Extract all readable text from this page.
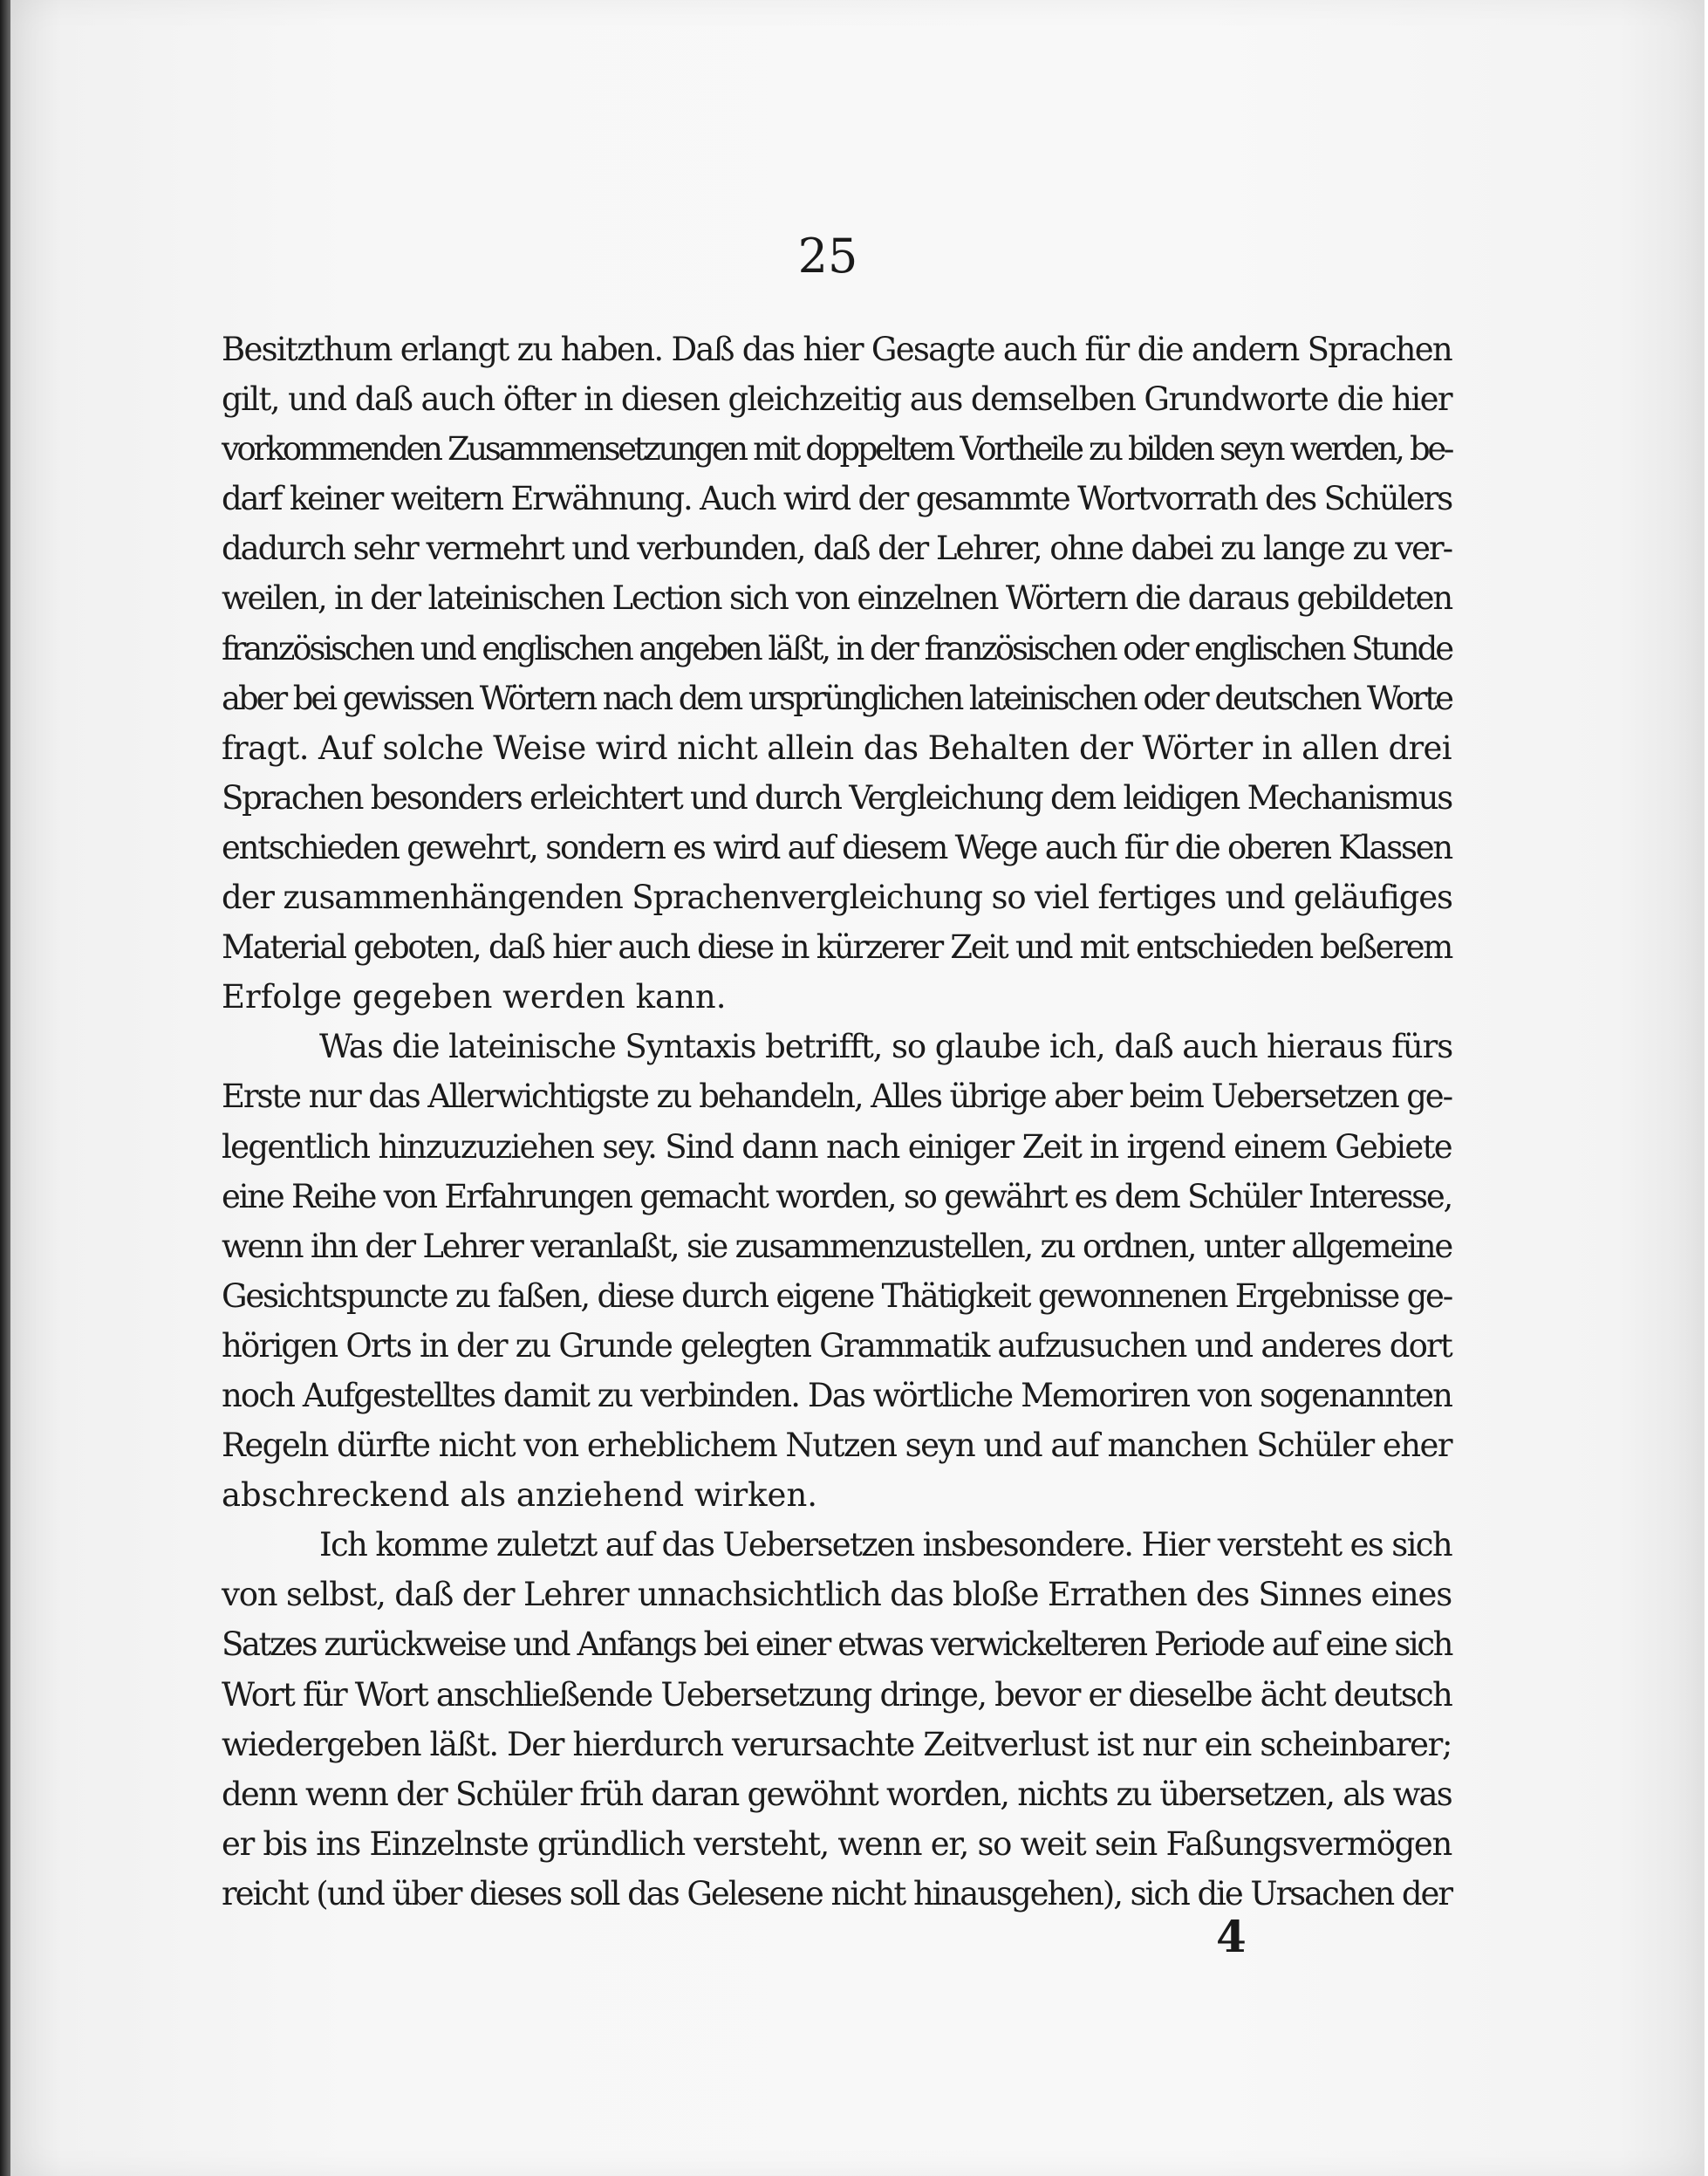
25
Besitzthum erlangt zu haben. Daß das hier Gesagte auch für die andern Sprachen
gilt, und daß auch öfter in diesen gleichzeitig aus demselben Grundworte die hier
vorkommenden Zusammensetzungen mit doppeltem Vortheile zu bilden seyn werden, be-
darf keiner weitern Erwähnung. Auch wird der gesammte Wortvorrath des Schülers
dadurch sehr vermehrt und verbunden, daß der Lehrer, ohne dabei zu lange zu ver-
weilen, in der lateinischen Lection sich von einzelnen Wörtern die daraus gebildeten
französischen und englischen angeben läßt, in der französischen oder englischen Stunde
aber bei gewissen Wörtern nach dem ursprünglichen lateinischen oder deutschen Worte
fragt. Auf solche Weise wird nicht allein das Behalten der Wörter in allen drei
Sprachen besonders erleichtert und durch Vergleichung dem leidigen Mechanismus
entschieden gewehrt, sondern es wird auf diesem Wege auch für die oberen Klassen
der zusammenhängenden Sprachenvergleichung so viel fertiges und geläufiges
Material geboten, daß hier auch diese in kürzerer Zeit und mit entschieden beßerem
Erfolge gegeben werden kann.
Was die lateinische Syntaxis betrifft, so glaube ich, daß auch hieraus fürs
Erste nur das Allerwichtigste zu behandeln, Alles übrige aber beim Uebersetzen ge-
legentlich hinzuzuziehen sey. Sind dann nach einiger Zeit in irgend einem Gebiete
eine Reihe von Erfahrungen gemacht worden, so gewährt es dem Schüler Interesse,
wenn ihn der Lehrer veranlaßt, sie zusammenzustellen, zu ordnen, unter allgemeine
Gesichtspuncte zu faßen, diese durch eigene Thätigkeit gewonnenen Ergebnisse ge-
hörigen Orts in der zu Grunde gelegten Grammatik aufzusuchen und anderes dort
noch Aufgestelltes damit zu verbinden. Das wörtliche Memoriren von sogenannten
Regeln dürfte nicht von erheblichem Nutzen seyn und auf manchen Schüler eher
abschreckend als anziehend wirken.
Ich komme zuletzt auf das Uebersetzen insbesondere. Hier versteht es sich
von selbst, daß der Lehrer unnachsichtlich das bloße Errathen des Sinnes eines
Satzes zurückweise und Anfangs bei einer etwas verwickelteren Periode auf eine sich
Wort für Wort anschließende Uebersetzung dringe, bevor er dieselbe ächt deutsch
wiedergeben läßt. Der hierdurch verursachte Zeitverlust ist nur ein scheinbarer;
denn wenn der Schüler früh daran gewöhnt worden, nichts zu übersetzen, als was
er bis ins Einzelnste gründlich versteht, wenn er, so weit sein Faßungsvermögen
reicht (und über dieses soll das Gelesene nicht hinausgehen), sich die Ursachen der
4
